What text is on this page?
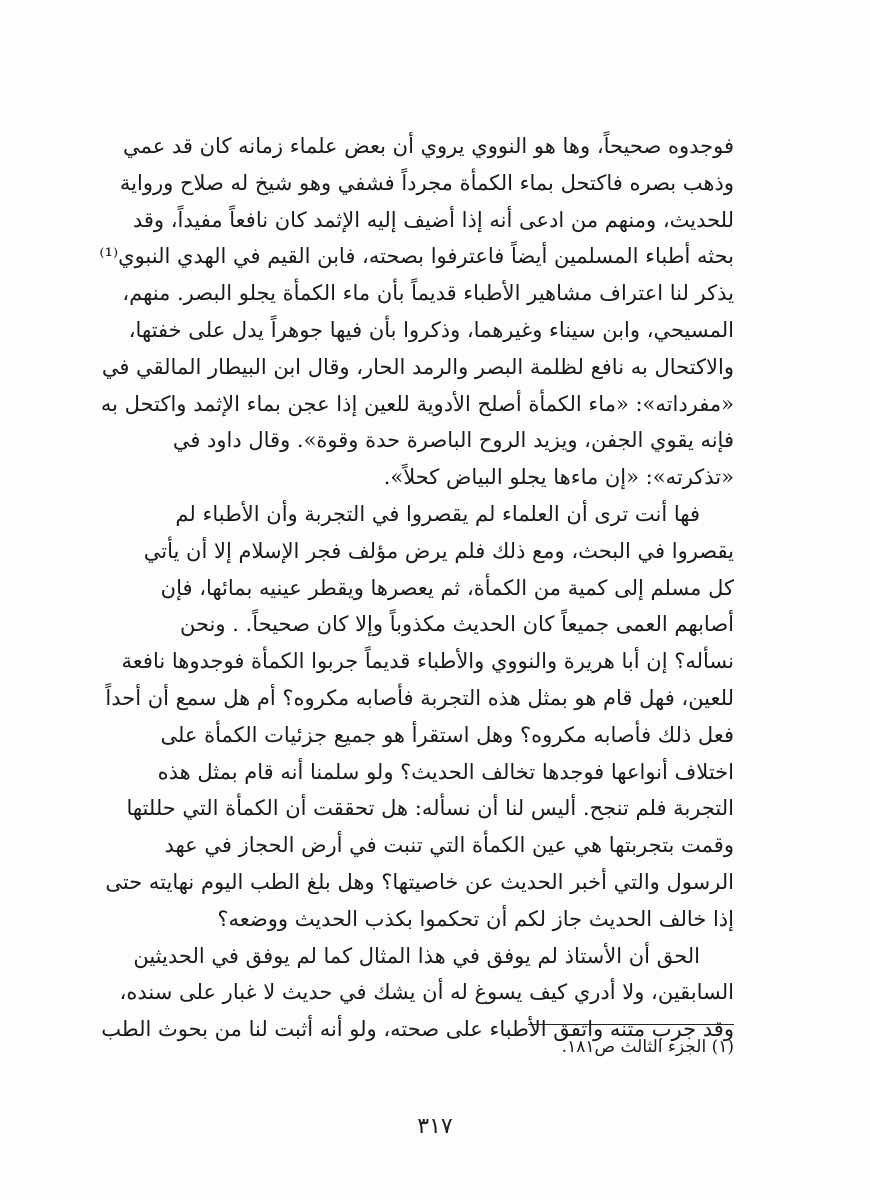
فوجدوه صحيحاً، وها هو النووي يروي أن بعض علماء زمانه كان قد عمي
وذهب بصره فاكتحل بماء الكمأة مجرداً فشفي وهو شيخ له صلاح ورواية
للحديث، ومنهم من ادعى أنه إذا أضيف إليه الإثمد كان نافعاً مفيداً، وقد
بحثه أطباء المسلمين أيضاً فاعترفوا بصحته، فابن القيم في الهدي النبوي⁽¹⁾
يذكر لنا اعتراف مشاهير الأطباء قديماً بأن ماء الكمأة يجلو البصر. منهم،
المسيحي، وابن سيناء وغيرهما، وذكروا بأن فيها جوهراً يدل على خفتها،
والاكتحال به نافع لظلمة البصر والرمد الحار، وقال ابن البيطار المالقي في
«مفرداته»: «ماء الكمأة أصلح الأدوية للعين إذا عجن بماء الإثمد واكتحل به
فإنه يقوي الجفن، ويزيد الروح الباصرة حدة وقوة». وقال داود في
«تذكرته»: «إن ماءها يجلو البياض كحلاً».
فها أنت ترى أن العلماء لم يقصروا في التجربة وأن الأطباء لم
يقصروا في البحث، ومع ذلك فلم يرض مؤلف فجر الإسلام إلا أن يأتي
كل مسلم إلى كمية من الكمأة، ثم يعصرها ويقطر عينيه بمائها، فإن
أصابهم العمى جميعاً كان الحديث مكذوباً وإلا كان صحيحاً. . ونحن
نسأله؟ إن أبا هريرة والنووي والأطباء قديماً جربوا الكمأة فوجدوها نافعة
للعين، فهل قام هو بمثل هذه التجربة فأصابه مكروه؟ أم هل سمع أن أحداً
فعل ذلك فأصابه مكروه؟ وهل استقرأ هو جميع جزئيات الكمأة على
اختلاف أنواعها فوجدها تخالف الحديث؟ ولو سلمنا أنه قام بمثل هذه
التجربة فلم تنجح. أليس لنا أن نسأله: هل تحققت أن الكمأة التي حللتها
وقمت بتجربتها هي عين الكمأة التي تنبت في أرض الحجاز في عهد
الرسول والتي أخبر الحديث عن خاصيتها؟ وهل بلغ الطب اليوم نهايته حتى
إذا خالف الحديث جاز لكم أن تحكموا بكذب الحديث ووضعه؟
الحق أن الأستاذ لم يوفق في هذا المثال كما لم يوفق في الحديثين
السابقين، ولا أدري كيف يسوغ له أن يشك في حديث لا غبار على سنده،
وقد جرب متنه واتفق الأطباء على صحته، ولو أنه أثبت لنا من بحوث الطب
(١) الجزء الثالث ص١٨١.
٣١٧
